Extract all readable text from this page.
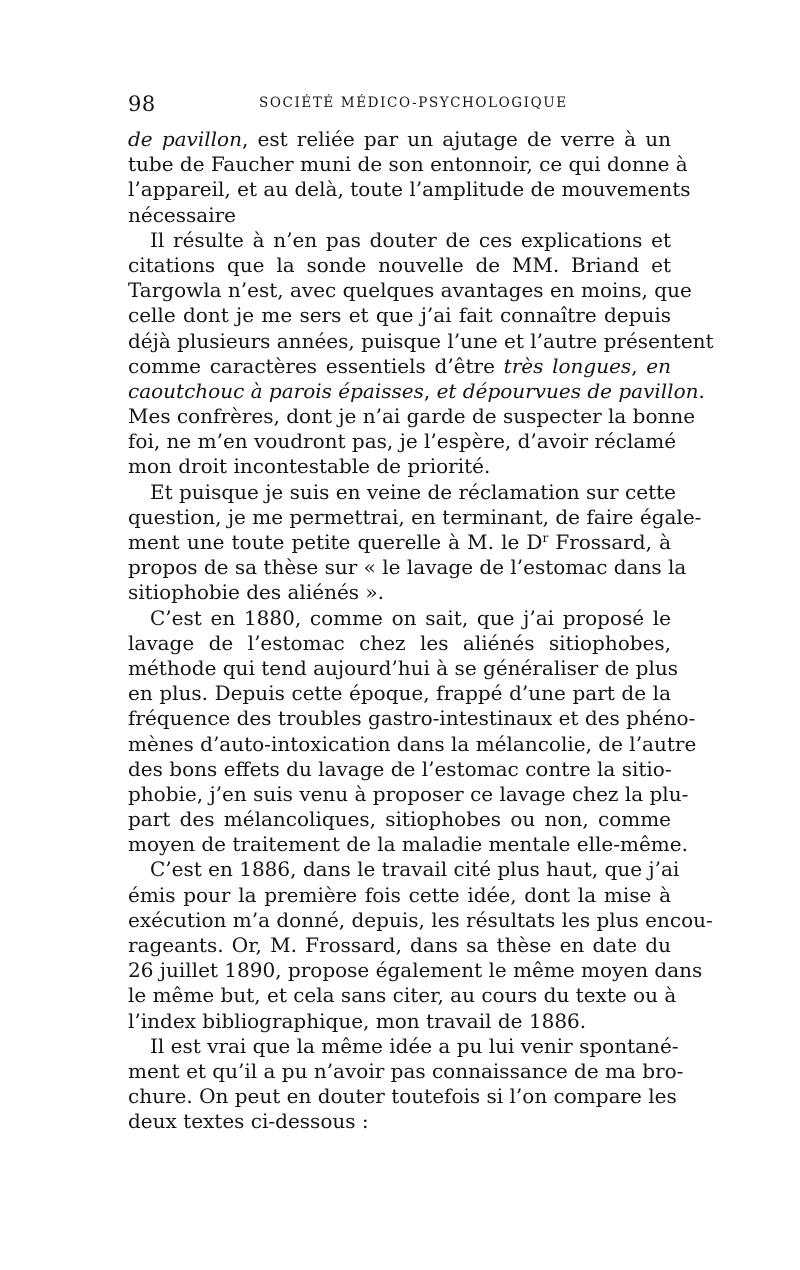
98	SOCIÉTÉ MÉDICO-PSYCHOLOGIQUE
de pavillon, est reliée par un ajutage de verre à un
tube de Faucher muni de son entonnoir, ce qui donne à
l’appareil, et au delà, toute l’amplitude de mouvements
nécessaire
Il résulte à n’en pas douter de ces explications et
citations que la sonde nouvelle de MM. Briand et
Targowla n’est, avec quelques avantages en moins, que
celle dont je me sers et que j’ai fait connaître depuis
déjà plusieurs années, puisque l’une et l’autre présentent
comme caractères essentiels d’être très longues, en
caoutchouc à parois épaisses, et dépourvues de pavillon.
Mes confrères, dont je n’ai garde de suspecter la bonne
foi, ne m’en voudront pas, je l’espère, d’avoir réclamé
mon droit incontestable de priorité.
Et puisque je suis en veine de réclamation sur cette
question, je me permettrai, en terminant, de faire égale-
ment une toute petite querelle à M. le $D^r$ Frossard, à
propos de sa thèse sur « le lavage de l’estomac dans la
sitiophobie des aliénés ».
C’est en 1880, comme on sait, que j’ai proposé le
lavage de l’estomac chez les aliénés sitiophobes,
méthode qui tend aujourd’hui à se généraliser de plus
en plus. Depuis cette époque, frappé d’une part de la
fréquence des troubles gastro-intestinaux et des phéno-
mènes d’auto-intoxication dans la mélancolie, de l’autre
des bons effets du lavage de l’estomac contre la sitio-
phobie, j’en suis venu à proposer ce lavage chez la plu-
part des mélancoliques, sitiophobes ou non, comme
moyen de traitement de la maladie mentale elle-même.
C’est en 1886, dans le travail cité plus haut, que j’ai
émis pour la première fois cette idée, dont la mise à
exécution m’a donné, depuis, les résultats les plus encou-
rageants. Or, M. Frossard, dans sa thèse en date du
26 juillet 1890, propose également le même moyen dans
le même but, et cela sans citer, au cours du texte ou à
l’index bibliographique, mon travail de 1886.
Il est vrai que la même idée a pu lui venir spontané-
ment et qu’il a pu n’avoir pas connaissance de ma bro-
chure. On peut en douter toutefois si l’on compare les
deux textes ci-dessous :
